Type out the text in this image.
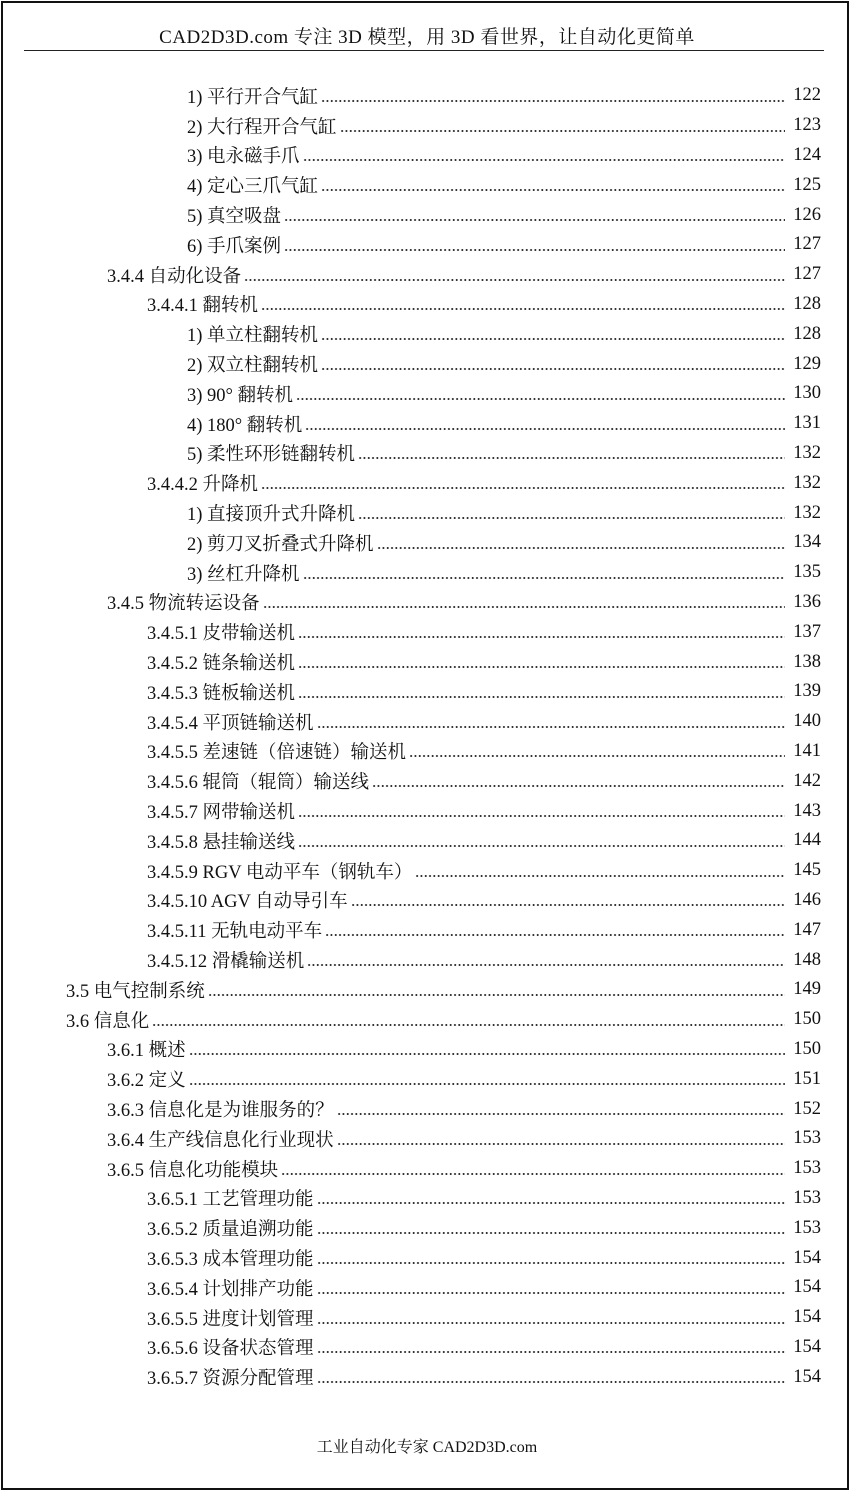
CAD2D3D.com 专注 3D 模型，用 3D 看世界，让自动化更简单
1) 平行开合气缸	122
2) 大行程开合气缸	123
3) 电永磁手爪	124
4) 定心三爪气缸	125
5) 真空吸盘	126
6) 手爪案例	127
3.4.4 自动化设备	127
3.4.4.1 翻转机	128
1) 单立柱翻转机	128
2) 双立柱翻转机	129
3) 90° 翻转机	130
4) 180° 翻转机	131
5) 柔性环形链翻转机	132
3.4.4.2 升降机	132
1) 直接顶升式升降机	132
2) 剪刀叉折叠式升降机	134
3) 丝杠升降机	135
3.4.5 物流转运设备	136
3.4.5.1 皮带输送机	137
3.4.5.2 链条输送机	138
3.4.5.3 链板输送机	139
3.4.5.4 平顶链输送机	140
3.4.5.5 差速链（倍速链）输送机	141
3.4.5.6 辊筒（辊筒）输送线	142
3.4.5.7 网带输送机	143
3.4.5.8 悬挂输送线	144
3.4.5.9 RGV 电动平车（钢轨车）	145
3.4.5.10 AGV 自动导引车	146
3.4.5.11 无轨电动平车	147
3.4.5.12 滑橇输送机	148
3.5 电气控制系统	149
3.6 信息化	150
3.6.1 概述	150
3.6.2 定义	151
3.6.3 信息化是为谁服务的？	152
3.6.4 生产线信息化行业现状	153
3.6.5 信息化功能模块	153
3.6.5.1 工艺管理功能	153
3.6.5.2 质量追溯功能	153
3.6.5.3 成本管理功能	154
3.6.5.4 计划排产功能	154
3.6.5.5 进度计划管理	154
3.6.5.6 设备状态管理	154
3.6.5.7 资源分配管理	154
工业自动化专家 CAD2D3D.com
